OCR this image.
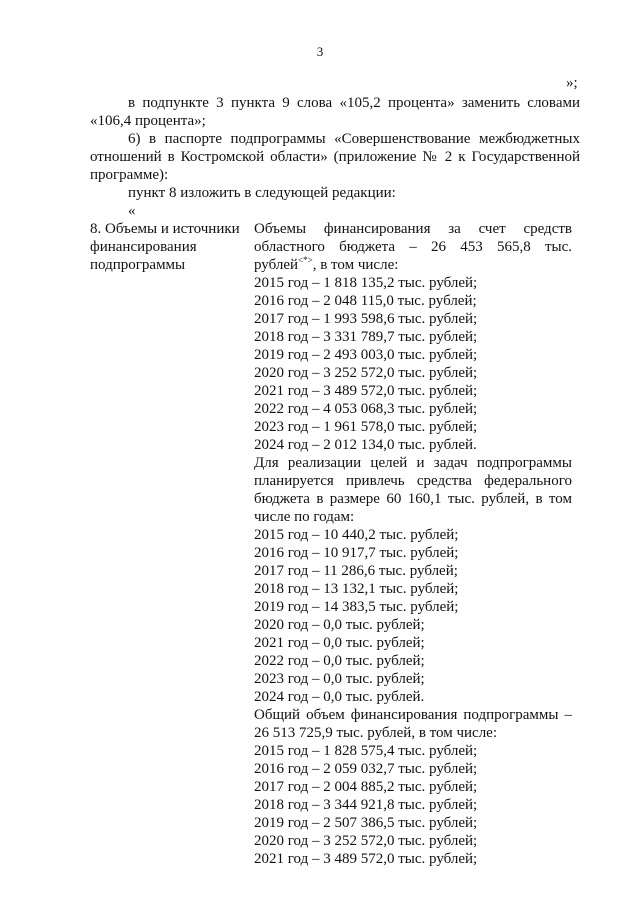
3
»;
в подпункте 3 пункта 9 слова «105,2 процента» заменить словами
«106,4 процента»;
6) в паспорте подпрограммы «Совершенствование межбюджетных
отношений в Костромской области» (приложение № 2 к Государственной
программе):
пункт 8 изложить в следующей редакции:
«
8. Объемы и источники
финансирования
подпрограммы
Объемы финансирования за счет средств
областного бюджета – 26 453 565,8 тыс.
рублей<*>, в том числе:
2015 год – 1 818 135,2 тыс. рублей;
2016 год – 2 048 115,0 тыс. рублей;
2017 год – 1 993 598,6 тыс. рублей;
2018 год – 3 331 789,7 тыс. рублей;
2019 год – 2 493 003,0 тыс. рублей;
2020 год – 3 252 572,0 тыс. рублей;
2021 год – 3 489 572,0 тыс. рублей;
2022 год – 4 053 068,3 тыс. рублей;
2023 год – 1 961 578,0 тыс. рублей;
2024 год – 2 012 134,0 тыс. рублей.
Для реализации целей и задач подпрограммы
планируется привлечь средства федерального
бюджета в размере 60 160,1 тыс. рублей, в том
числе по годам:
2015 год – 10 440,2 тыс. рублей;
2016 год – 10 917,7 тыс. рублей;
2017 год – 11 286,6 тыс. рублей;
2018 год – 13 132,1 тыс. рублей;
2019 год – 14 383,5 тыс. рублей;
2020 год – 0,0 тыс. рублей;
2021 год – 0,0 тыс. рублей;
2022 год – 0,0 тыс. рублей;
2023 год – 0,0 тыс. рублей;
2024 год – 0,0 тыс. рублей.
Общий объем финансирования подпрограммы –
26 513 725,9 тыс. рублей, в том числе:
2015 год – 1 828 575,4 тыс. рублей;
2016 год – 2 059 032,7 тыс. рублей;
2017 год – 2 004 885,2 тыс. рублей;
2018 год – 3 344 921,8 тыс. рублей;
2019 год – 2 507 386,5 тыс. рублей;
2020 год – 3 252 572,0 тыс. рублей;
2021 год – 3 489 572,0 тыс. рублей;
